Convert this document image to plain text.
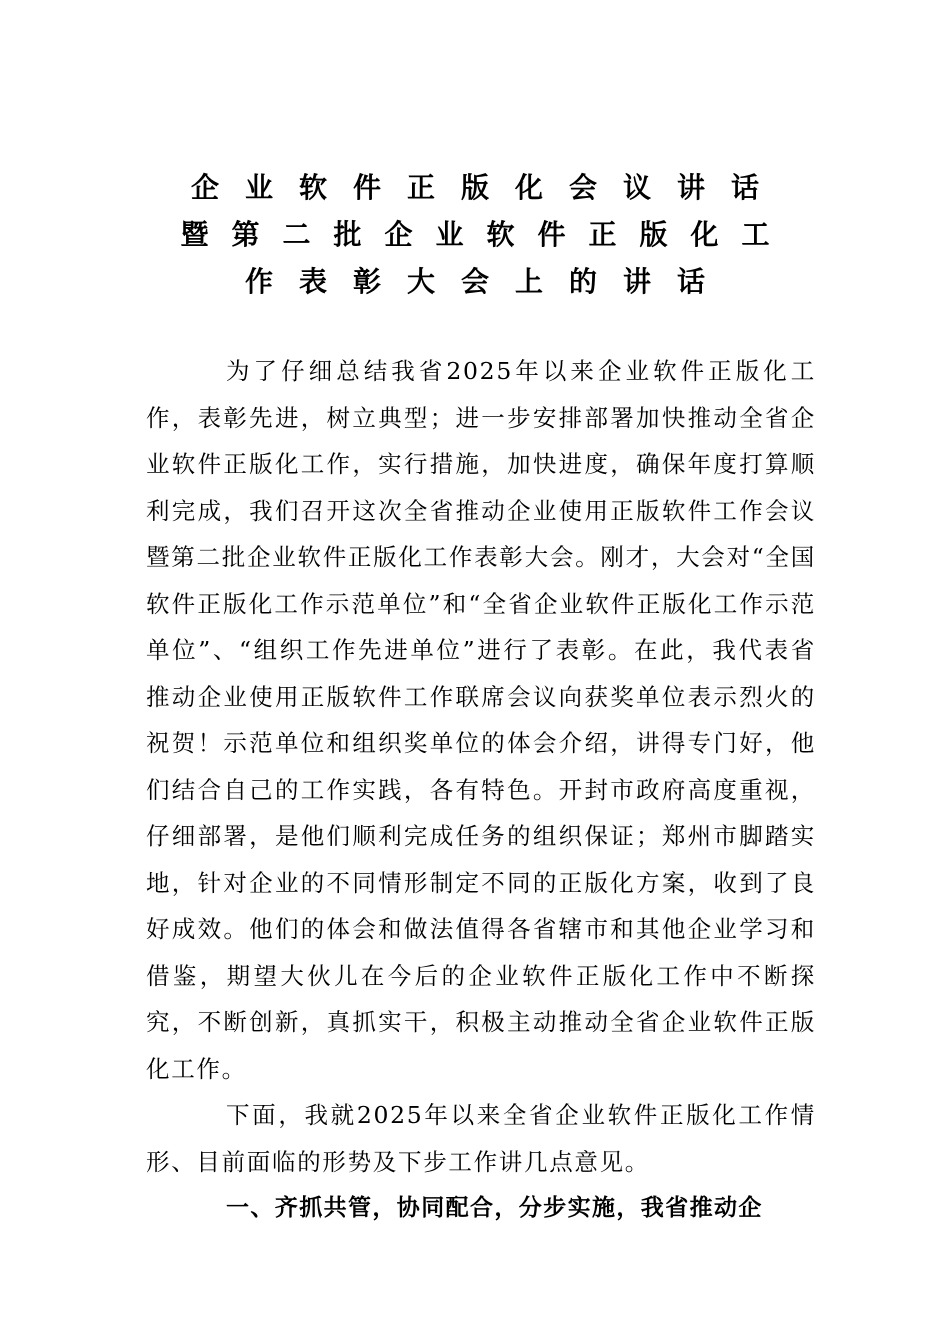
企业软件正版化会议讲话
暨第二批企业软件正版化工
作表彰大会上的讲话

为了仔细总结我省2025年以来企业软件正版化工作，表彰先进，树立典型；进一步安排部署加快推动全省企业软件正版化工作，实行措施，加快进度，确保年度打算顺利完成，我们召开这次全省推动企业使用正版软件工作会议暨第二批企业软件正版化工作表彰大会。刚才，大会对“全国软件正版化工作示范单位”和“全省企业软件正版化工作示范单位”、“组织工作先进单位”进行了表彰。在此，我代表省推动企业使用正版软件工作联席会议向获奖单位表示烈火的祝贺！示范单位和组织奖单位的体会介绍，讲得专门好，他们结合自己的工作实践，各有特色。开封市政府高度重视，仔细部署，是他们顺利完成任务的组织保证；郑州市脚踏实地，针对企业的不同情形制定不同的正版化方案，收到了良好成效。他们的体会和做法值得各省辖市和其他企业学习和借鉴，期望大伙儿在今后的企业软件正版化工作中不断探究，不断创新，真抓实干，积极主动推动全省企业软件正版化工作。

下面，我就2025年以来全省企业软件正版化工作情形、目前面临的形势及下步工作讲几点意见。

一、齐抓共管，协同配合，分步实施，我省推动企
